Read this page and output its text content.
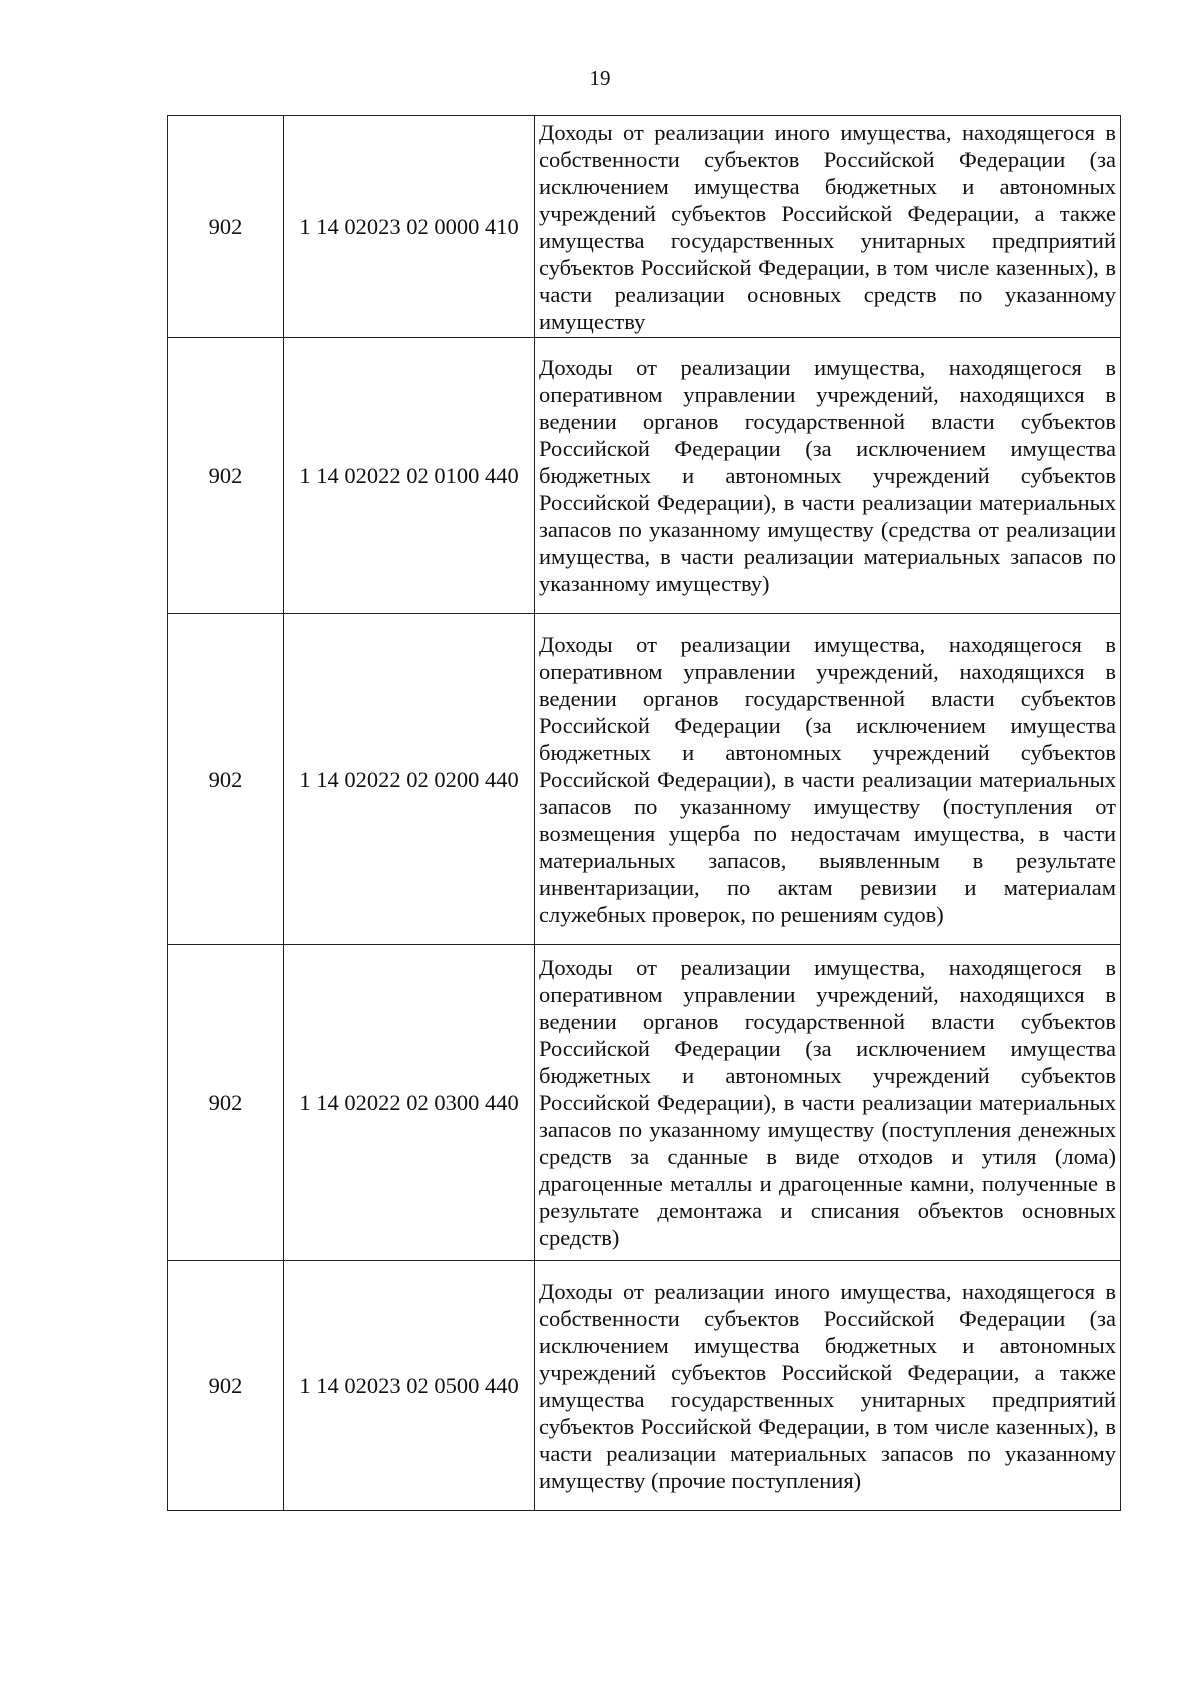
19
902	1 14 02023 02 0000 410	Доходы от реализации иного имущества, находящегося в собственности субъектов Российской Федерации (за исключением имущества бюджетных и автономных учреждений субъектов Российской Федерации, а также имущества государственных унитарных предприятий субъектов Российской Федерации, в том числе казенных), в части реализации основных средств по указанному имуществу
902	1 14 02022 02 0100 440	Доходы от реализации имущества, находящегося в оперативном управлении учреждений, находящихся в ведении органов государственной власти субъектов Российской Федерации (за исключением имущества бюджетных и автономных учреждений субъектов Российской Федерации), в части реализации материальных запасов по указанному имуществу (средства от реализации имущества, в части реализации материальных запасов по указанному имуществу)
902	1 14 02022 02 0200 440	Доходы от реализации имущества, находящегося в оперативном управлении учреждений, находящихся в ведении органов государственной власти субъектов Российской Федерации (за исключением имущества бюджетных и автономных учреждений субъектов Российской Федерации), в части реализации материальных запасов по указанному имуществу (поступления от возмещения ущерба по недостачам имущества, в части материальных запасов, выявленным в результате инвентаризации, по актам ревизии и материалам служебных проверок, по решениям судов)
902	1 14 02022 02 0300 440	Доходы от реализации имущества, находящегося в оперативном управлении учреждений, находящихся в ведении органов государственной власти субъектов Российской Федерации (за исключением имущества бюджетных и автономных учреждений субъектов Российской Федерации), в части реализации материальных запасов по указанному имуществу (поступления денежных средств за сданные в виде отходов и утиля (лома) драгоценные металлы и драгоценные камни, полученные в результате демонтажа и списания объектов основных средств)
902	1 14 02023 02 0500 440	Доходы от реализации иного имущества, находящегося в собственности субъектов Российской Федерации (за исключением имущества бюджетных и автономных учреждений субъектов Российской Федерации, а также имущества государственных унитарных предприятий субъектов Российской Федерации, в том числе казенных), в части реализации материальных запасов по указанному имуществу (прочие поступления)
